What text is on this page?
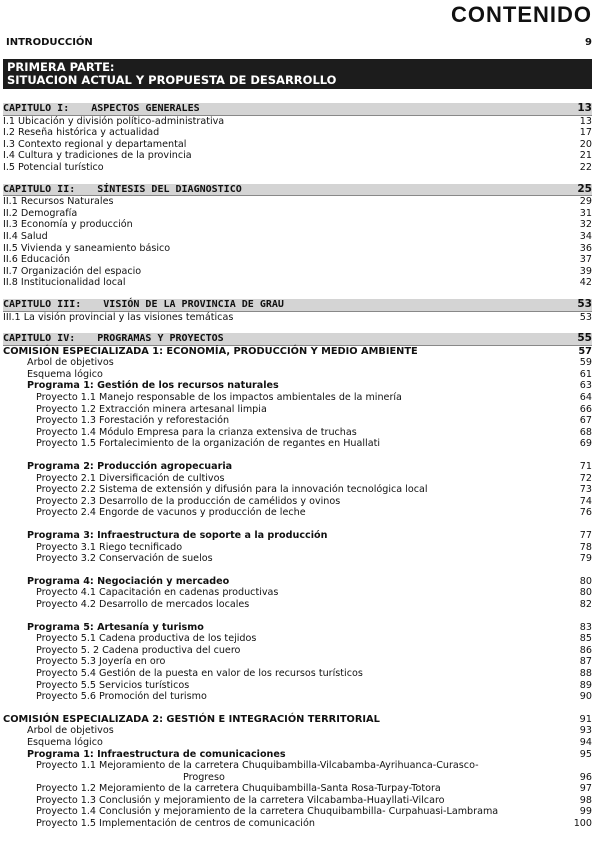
CONTENIDO
INTRODUCCIÓN	9
PRIMERA PARTE:
SITUACION ACTUAL Y PROPUESTA DE DESARROLLO
CAPITULO I: ASPECTOS GENERALES	13
I.1 Ubicación y división político-administrativa	13
I.2 Reseña histórica y actualidad	17
I.3 Contexto regional y departamental	20
I.4 Cultura y tradiciones de la provincia	21
I.5 Potencial turístico	22
CAPITULO II: SÍNTESIS DEL DIAGNOSTICO	25
II.1 Recursos Naturales	29
II.2 Demografía	31
II.3 Economía y producción	32
II.4 Salud	34
II.5 Vivienda y saneamiento básico	36
II.6 Educación	37
II.7 Organización del espacio	39
II.8 Institucionalidad local	42
CAPITULO III: VISIÓN DE LA PROVINCIA DE GRAU	53
III.1 La visión provincial y las visiones temáticas	53
CAPITULO IV: PROGRAMAS Y PROYECTOS	55
COMISIÓN ESPECIALIZADA 1: ECONOMÍA, PRODUCCIÓN Y MEDIO AMBIENTE	57
Arbol de objetivos	59
Esquema lógico	61
Programa 1: Gestión de los recursos naturales	63
Proyecto 1.1 Manejo responsable de los impactos ambientales de la minería	64
Proyecto 1.2 Extracción minera artesanal limpia	66
Proyecto 1.3 Forestación y reforestación	67
Proyecto 1.4 Módulo Empresa para la crianza extensiva de truchas	68
Proyecto 1.5 Fortalecimiento de la organización de regantes en Huallati	69
Programa 2: Producción agropecuaria	71
Proyecto 2.1 Diversificación de cultivos	72
Proyecto 2.2 Sistema de extensión y difusión para la innovación tecnológica local	73
Proyecto 2.3 Desarrollo de la producción de camélidos y ovinos	74
Proyecto 2.4 Engorde de vacunos y producción de leche	76
Programa 3: Infraestructura de soporte a la producción	77
Proyecto 3.1 Riego tecnificado	78
Proyecto 3.2 Conservación de suelos	79
Programa 4: Negociación y mercadeo	80
Proyecto 4.1 Capacitación en cadenas productivas	80
Proyecto 4.2 Desarrollo de mercados locales	82
Programa 5: Artesanía y turismo	83
Proyecto 5.1 Cadena productiva de los tejidos	85
Proyecto 5. 2 Cadena productiva del cuero	86
Proyecto 5.3 Joyería en oro	87
Proyecto 5.4 Gestión de la puesta en valor de los recursos turísticos	88
Proyecto 5.5 Servicios turísticos	89
Proyecto 5.6 Promoción del turismo	90
COMISIÓN ESPECIALIZADA 2: GESTIÓN E INTEGRACIÓN TERRITORIAL	91
Arbol de objetivos	93
Esquema lógico	94
Programa 1: Infraestructura de comunicaciones	95
Proyecto 1.1 Mejoramiento de la carretera Chuquibambilla-Vilcabamba-Ayrihuanca-Curasco-
Progreso	96
Proyecto 1.2 Mejoramiento de la carretera Chuquibambilla-Santa Rosa-Turpay-Totora	97
Proyecto 1.3 Conclusión y mejoramiento de la carretera Vilcabamba-Huayllati-Vilcaro	98
Proyecto 1.4 Conclusión y mejoramiento de la carretera Chuquibambilla- Curpahuasi-Lambrama	99
Proyecto 1.5 Implementación de centros de comunicación	100
